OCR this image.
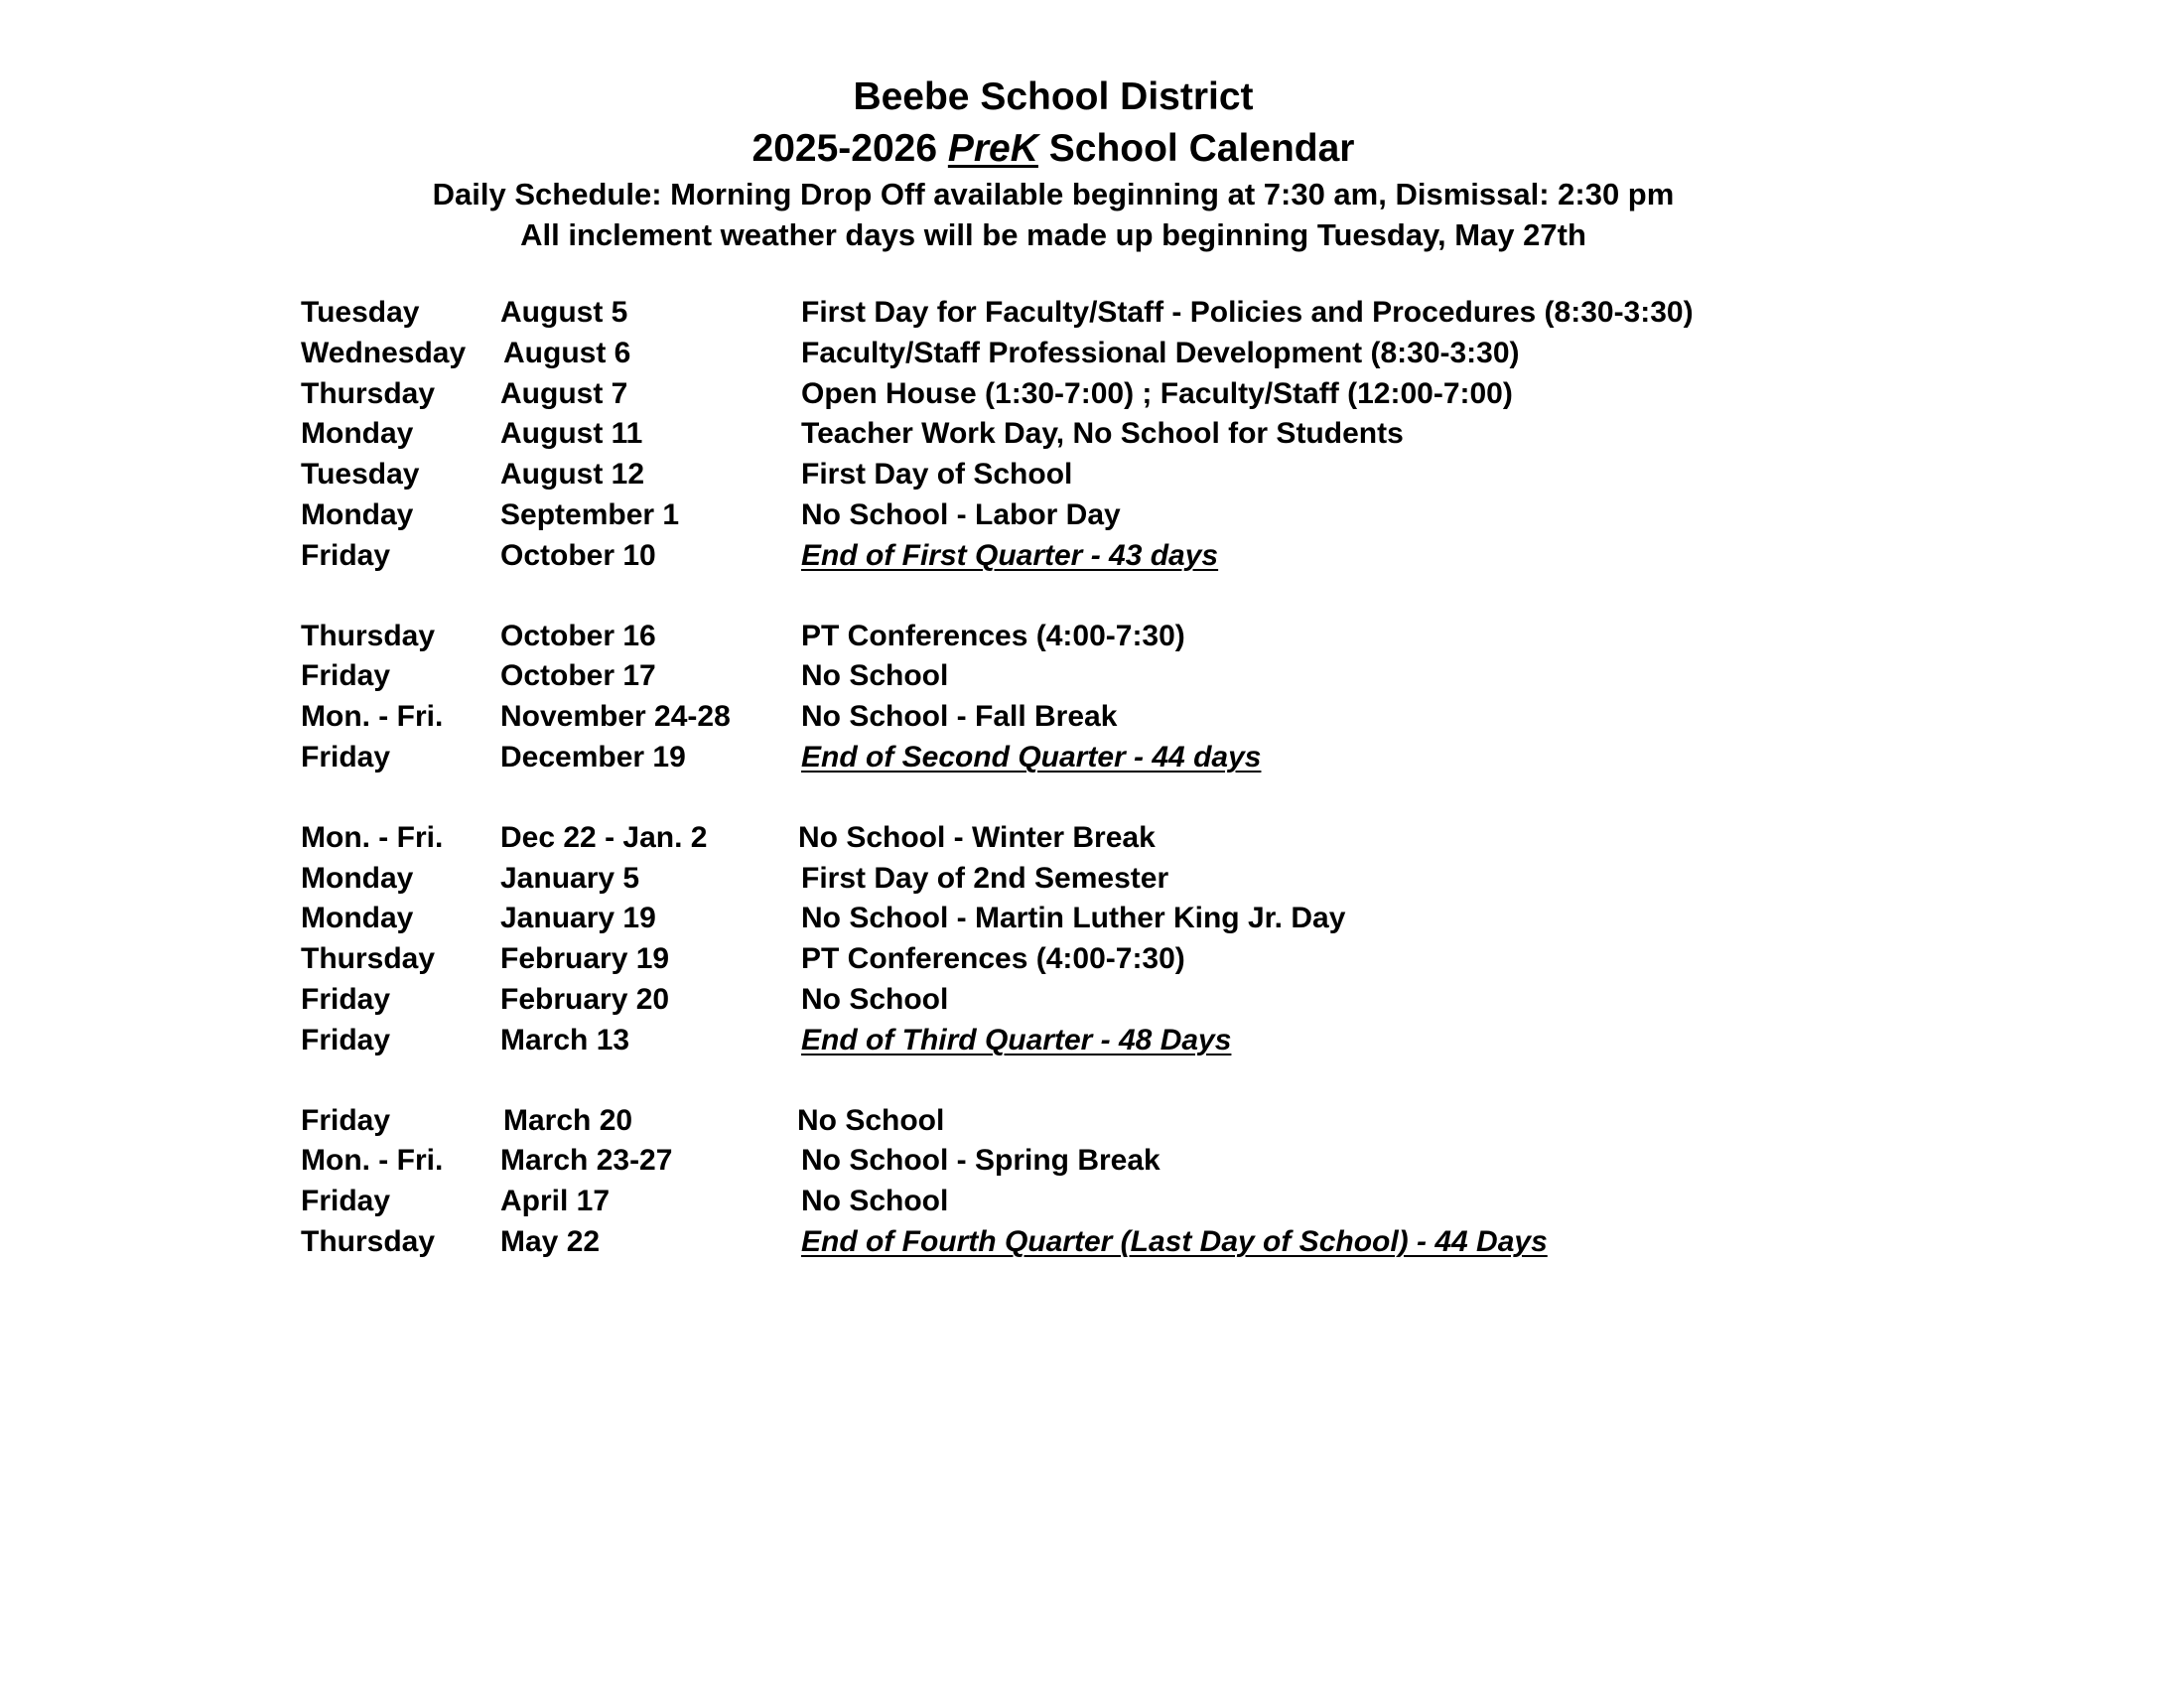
Beebe School District
2025-2026 PreK School Calendar
Daily Schedule: Morning Drop Off available beginning at 7:30 am, Dismissal: 2:30 pm
All inclement weather days will be made up beginning Tuesday, May 27th
Tuesday	August 5	First Day for Faculty/Staff - Policies and Procedures (8:30-3:30)
Wednesday August 6	Faculty/Staff Professional Development (8:30-3:30)
Thursday August 7	Open House (1:30-7:00) ; Faculty/Staff (12:00-7:00)
Monday	August 11	Teacher Work Day, No School for Students
Tuesday	August 12	First Day of School
Monday	September 1	No School - Labor Day
Friday	October 10	End of First Quarter - 43 days
Thursday October 16	PT Conferences (4:00-7:30)
Friday	October 17	No School
Mon. - Fri. November 24-28 No School - Fall Break
Friday	December 19	End of Second Quarter - 44 days
Mon. - Fri. Dec 22 - Jan. 2	No School - Winter Break
Monday	January 5	First Day of 2nd Semester
Monday	January 19	No School - Martin Luther King Jr. Day
Thursday February 19	PT Conferences (4:00-7:30)
Friday	February 20	No School
Friday	March 13	End of Third Quarter - 48 Days
Friday	March 20	No School
Mon. - Fri. March 23-27	No School - Spring Break
Friday	April 17	No School
Thursday May 22	End of Fourth Quarter (Last Day of School) - 44 Days
